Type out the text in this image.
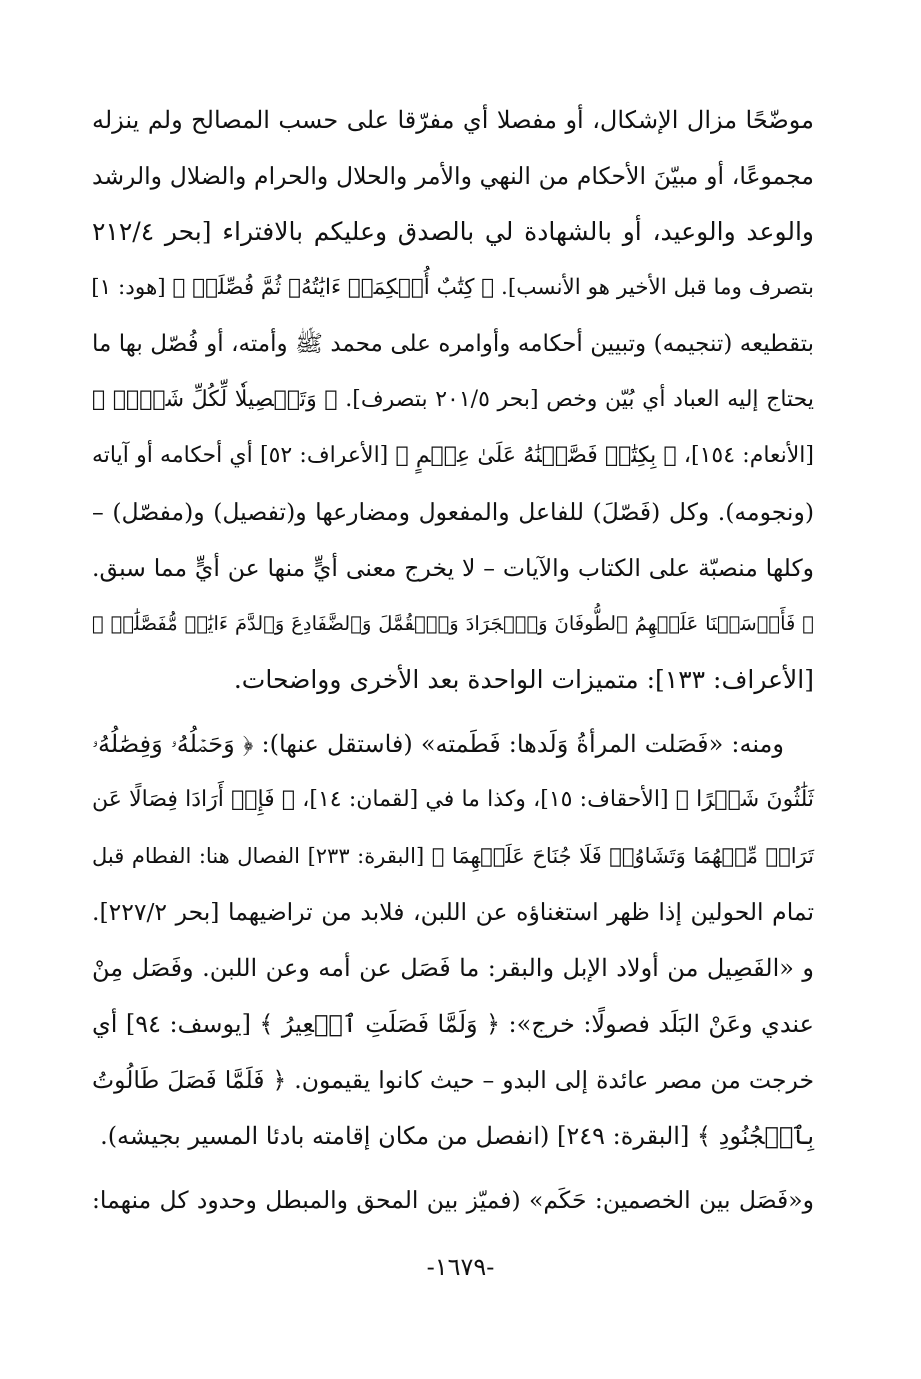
موضّحًا مزال الإشكال، أو مفصلا أي مفرّقا على حسب المصالح ولم ينزله
مجموعًا، أو مبيّنَ الأحكام من النهي والأمر والحلال والحرام والضلال والرشد
والوعد والوعيد، أو بالشهادة لي بالصدق وعليكم بالافتراء [بحر ٢١٢/٤
بتصرف وما قبل الأخير هو الأنسب]. ﴿ كِتَٰبٌ أُحۡكِمَتۡ ءَايَٰتُهُۥ ثُمَّ فُصِّلَتۡ ﴾ [هود: ١]
بتقطيعه (تنجيمه) وتبيين أحكامه وأوامره على محمد ﷺ وأمته، أو فُصّل بها ما
يحتاج إليه العباد أي بُيّن وخص [بحر ٢٠١/٥ بتصرف]. ﴿ وَتَفۡصِيلٗا لِّكُلِّ شَيۡءٖ ﴾
[الأنعام: ١٥٤]، ﴿ بِكِتَٰبٖ فَصَّلۡنَٰهُ عَلَىٰ عِلۡمٍ ﴾ [الأعراف: ٥٢] أي أحكامه أو آياته
(ونجومه). وكل (فَصّلَ) للفاعل والمفعول ومضارعها و(تفصيل) و(مفصّل) –
وكلها منصبّة على الكتاب والآيات – لا يخرج معنى أيٍّ منها عن أيٍّ مما سبق.
﴿ فَأَرۡسَلۡنَا عَلَيۡهِمُ ٱلطُّوفَانَ وَٱلۡجَرَادَ وَٱلۡقُمَّلَ وَٱلضَّفَادِعَ وَٱلدَّمَ ءَايَٰتٖ مُّفَصَّلَٰتٖ ﴾
[الأعراف: ١٣٣]: متميزات الواحدة بعد الأخرى وواضحات.
ومنه: «فَصَلت المرأةُ وَلَدها: فَطَمته» (فاستقل عنها): ﴿ وَحَمۡلُهُۥ وَفِصَٰلُهُۥ
ثَلَٰثُونَ شَهۡرًا ﴾ [الأحقاف: ١٥]، وكذا ما في [لقمان: ١٤]، ﴿ فَإِنۡ أَرَادَا فِصَالًا عَن
تَرَاضٖ مِّنۡهُمَا وَتَشَاوُرٖ فَلَا جُنَاحَ عَلَيۡهِمَا ﴾ [البقرة: ٢٣٣] الفصال هنا: الفطام قبل
تمام الحولين إذا ظهر استغناؤه عن اللبن، فلابد من تراضيهما [بحر ٢٢٧/٢].
و «الفَصِيل من أولاد الإبل والبقر: ما فَصَل عن أمه وعن اللبن. وفَصَل مِنْ
عندي وعَنْ البَلَد فصولًا: خرج»: ﴿ وَلَمَّا فَصَلَتِ ٱلۡعِيرُ ﴾ [يوسف: ٩٤] أي
خرجت من مصر عائدة إلى البدو – حيث كانوا يقيمون. ﴿ فَلَمَّا فَصَلَ طَالُوتُ
بِٱلۡجُنُودِ ﴾ [البقرة: ٢٤٩] (انفصل من مكان إقامته بادئا المسير بجيشه).
و«فَصَل بين الخصمين: حَكَم» (فميّز بين المحق والمبطل وحدود كل منهما:
-١٦٧٩-
